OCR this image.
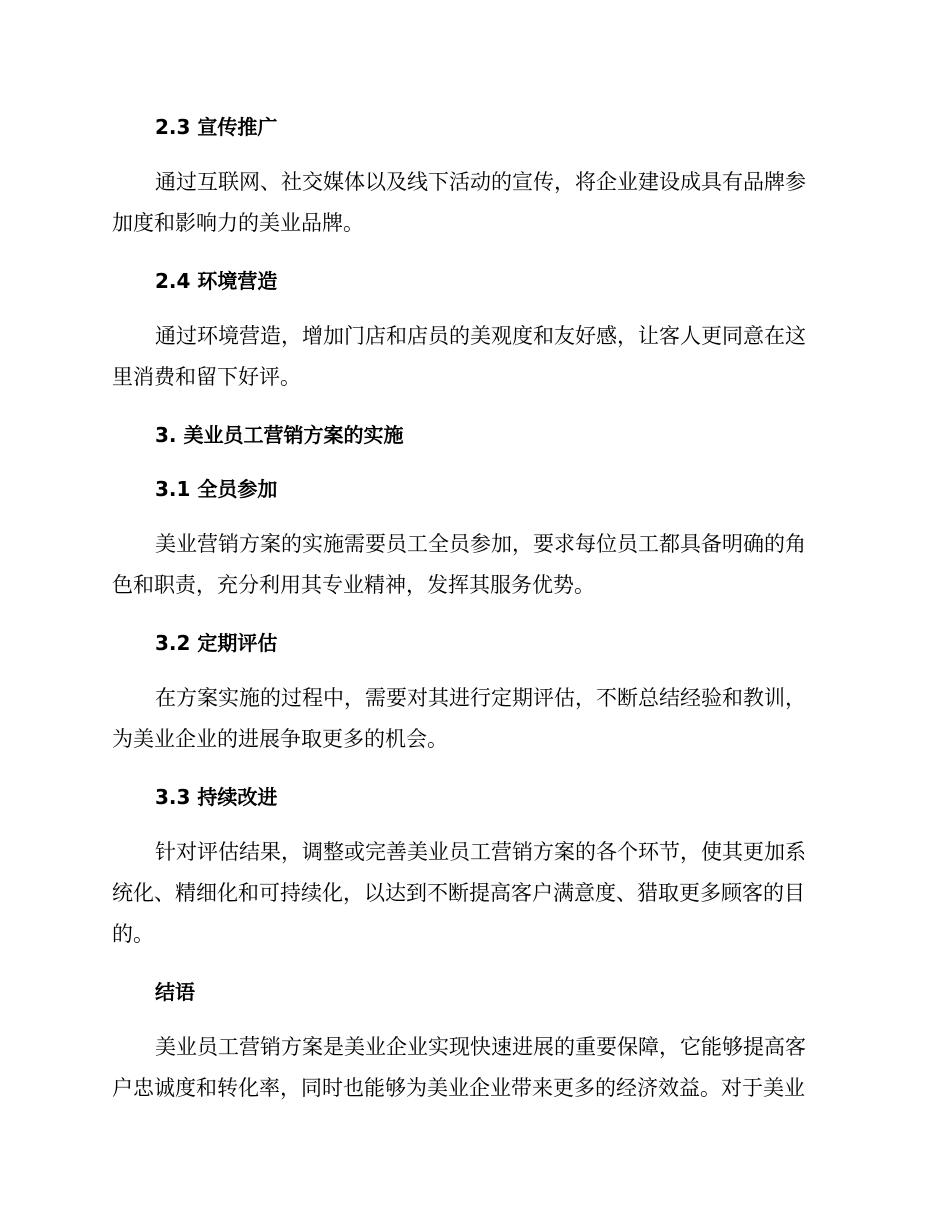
2.3 宣传推广
通过互联网、社交媒体以及线下活动的宣传，将企业建设成具有品牌参
加度和影响力的美业品牌。
2.4 环境营造
通过环境营造，增加门店和店员的美观度和友好感，让客人更同意在这
里消费和留下好评。
3. 美业员工营销方案的实施
3.1 全员参加
美业营销方案的实施需要员工全员参加，要求每位员工都具备明确的角
色和职责，充分利用其专业精神，发挥其服务优势。
3.2 定期评估
在方案实施的过程中，需要对其进行定期评估，不断总结经验和教训，
为美业企业的进展争取更多的机会。
3.3 持续改进
针对评估结果，调整或完善美业员工营销方案的各个环节，使其更加系
统化、精细化和可持续化，以达到不断提高客户满意度、猎取更多顾客的目
的。
结语
美业员工营销方案是美业企业实现快速进展的重要保障，它能够提高客
户忠诚度和转化率，同时也能够为美业企业带来更多的经济效益。对于美业
